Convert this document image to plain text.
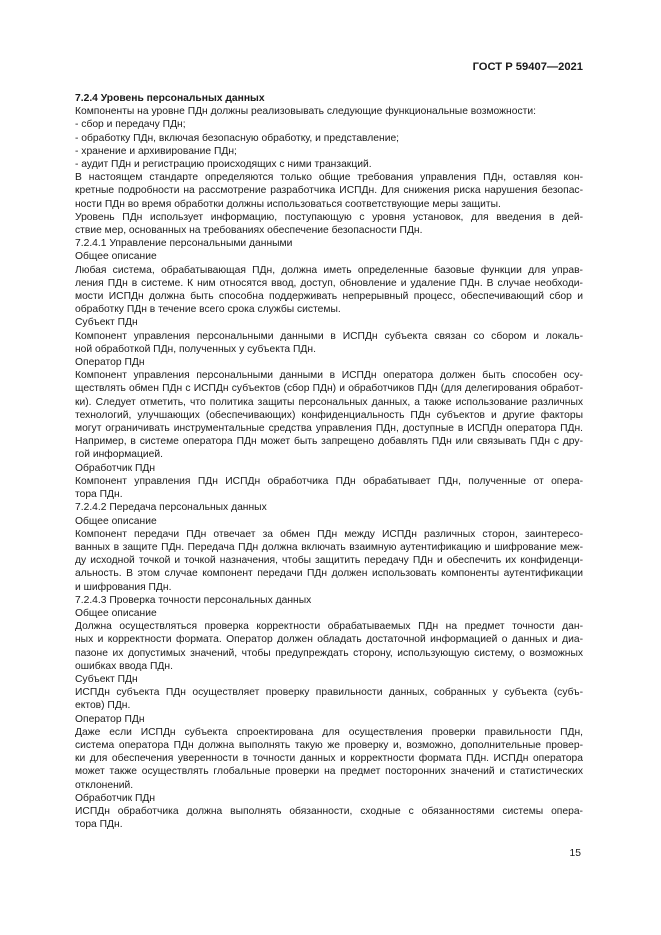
ГОСТ Р 59407—2021
7.2.4 Уровень персональных данных
Компоненты на уровне ПДн должны реализовывать следующие функциональные возможности:
- сбор и передачу ПДн;
- обработку ПДн, включая безопасную обработку, и представление;
- хранение и архивирование ПДн;
- аудит ПДн и регистрацию происходящих с ними транзакций.
В настоящем стандарте определяются только общие требования управления ПДн, оставляя кон-
кретные подробности на рассмотрение разработчика ИСПДн. Для снижения риска нарушения безопас-
ности ПДн во время обработки должны использоваться соответствующие меры защиты.
Уровень ПДн использует информацию, поступающую с уровня установок, для введения в дей-
ствие мер, основанных на требованиях обеспечение безопасности ПДн.
7.2.4.1 Управление персональными данными
Общее описание
Любая система, обрабатывающая ПДн, должна иметь определенные базовые функции для управ-
ления ПДн в системе. К ним относятся ввод, доступ, обновление и удаление ПДн. В случае необходи-
мости ИСПДн должна быть способна поддерживать непрерывный процесс, обеспечивающий сбор и
обработку ПДн в течение всего срока службы системы.
Субъект ПДн
Компонент управления персональными данными в ИСПДн субъекта связан со сбором и локаль-
ной обработкой ПДн, полученных у субъекта ПДн.
Оператор ПДн
Компонент управления персональными данными в ИСПДн оператора должен быть способен осу-
ществлять обмен ПДн с ИСПДн субъектов (сбор ПДн) и обработчиков ПДн (для делегирования обработ-
ки). Следует отметить, что политика защиты персональных данных, а также использование различных
технологий, улучшающих (обеспечивающих) конфиденциальность ПДн субъектов и другие факторы
могут ограничивать инструментальные средства управления ПДн, доступные в ИСПДн оператора ПДн.
Например, в системе оператора ПДн может быть запрещено добавлять ПДн или связывать ПДн с дру-
гой информацией.
Обработчик ПДн
Компонент управления ПДн ИСПДн обработчика ПДн обрабатывает ПДн, полученные от опера-
тора ПДн.
7.2.4.2 Передача персональных данных
Общее описание
Компонент передачи ПДн отвечает за обмен ПДн между ИСПДн различных сторон, заинтересо-
ванных в защите ПДн. Передача ПДн должна включать взаимную аутентификацию и шифрование меж-
ду исходной точкой и точкой назначения, чтобы защитить передачу ПДн и обеспечить их конфиденци-
альность. В этом случае компонент передачи ПДн должен использовать компоненты аутентификации
и шифрования ПДн.
7.2.4.3 Проверка точности персональных данных
Общее описание
Должна осуществляться проверка корректности обрабатываемых ПДн на предмет точности дан-
ных и корректности формата. Оператор должен обладать достаточной информацией о данных и диа-
пазоне их допустимых значений, чтобы предупреждать сторону, использующую систему, о возможных
ошибках ввода ПДн.
Субъект ПДн
ИСПДн субъекта ПДн осуществляет проверку правильности данных, собранных у субъекта (субъ-
ектов) ПДн.
Оператор ПДн
Даже если ИСПДн субъекта спроектирована для осуществления проверки правильности ПДн,
система оператора ПДн должна выполнять такую же проверку и, возможно, дополнительные провер-
ки для обеспечения уверенности в точности данных и корректности формата ПДн. ИСПДн оператора
может также осуществлять глобальные проверки на предмет посторонних значений и статистических
отклонений.
Обработчик ПДн
ИСПДн обработчика должна выполнять обязанности, сходные с обязанностями системы опера-
тора ПДн.
15
